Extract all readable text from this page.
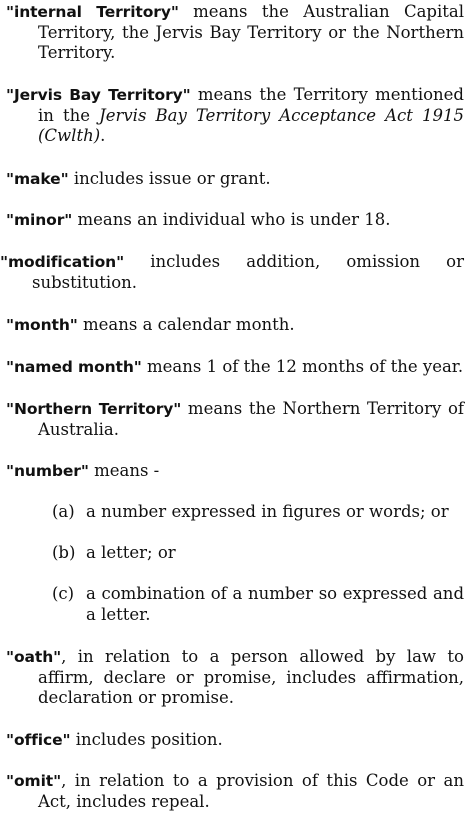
"internal Territory" means the Australian Capital Territory, the Jervis Bay Territory or the Northern Territory.
"Jervis Bay Territory" means the Territory mentioned in the Jervis Bay Territory Acceptance Act 1915 (Cwlth).
"make" includes issue or grant.
"minor" means an individual who is under 18.
"modification" includes addition, omission or substitution.
"month" means a calendar month.
"named month" means 1 of the 12 months of the year.
"Northern Territory" means the Northern Territory of Australia.
"number" means -
(a) a number expressed in figures or words; or
(b) a letter; or
(c) a combination of a number so expressed and a letter.
"oath", in relation to a person allowed by law to affirm, declare or promise, includes affirmation, declaration or promise.
"office" includes position.
"omit", in relation to a provision of this Code or an Act, includes repeal.
